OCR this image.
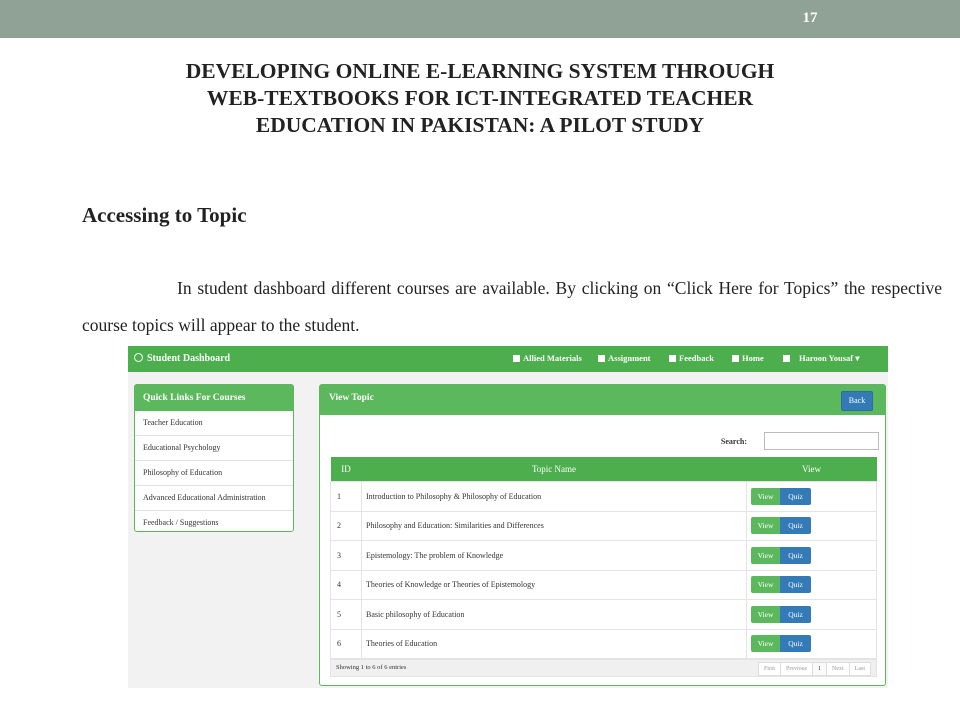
17
DEVELOPING ONLINE E-LEARNING SYSTEM THROUGH
WEB-TEXTBOOKS FOR ICT-INTEGRATED TEACHER
EDUCATION IN PAKISTAN: A PILOT STUDY
Accessing to Topic
In student dashboard different courses are available. By clicking on “Click Here for Topics” the respective course topics will appear to the student.
Student Dashboard	Allied Materials	Assignment	Feedback	Home	Haroon Yousaf ▾
Quick Links For Courses
Teacher Education
Educational Psychology
Philosophy of Education
Advanced Educational Administration
Feedback / Suggestions
View Topic	Back
Search:
ID	Topic Name	View
1	Introduction to Philosophy & Philosophy of Education	View Quiz

2	Philosophy and Education: Similarities and Differences	View Quiz

3	Epistemology: The problem of Knowledge	View Quiz

4	Theories of Knowledge or Theories of Epistemology	View Quiz

5	Basic philosophy of Education	View Quiz

6	Theories of Education	View Quiz
Showing 1 to 6 of 6 entries	First	Previous	1	Next	Last
